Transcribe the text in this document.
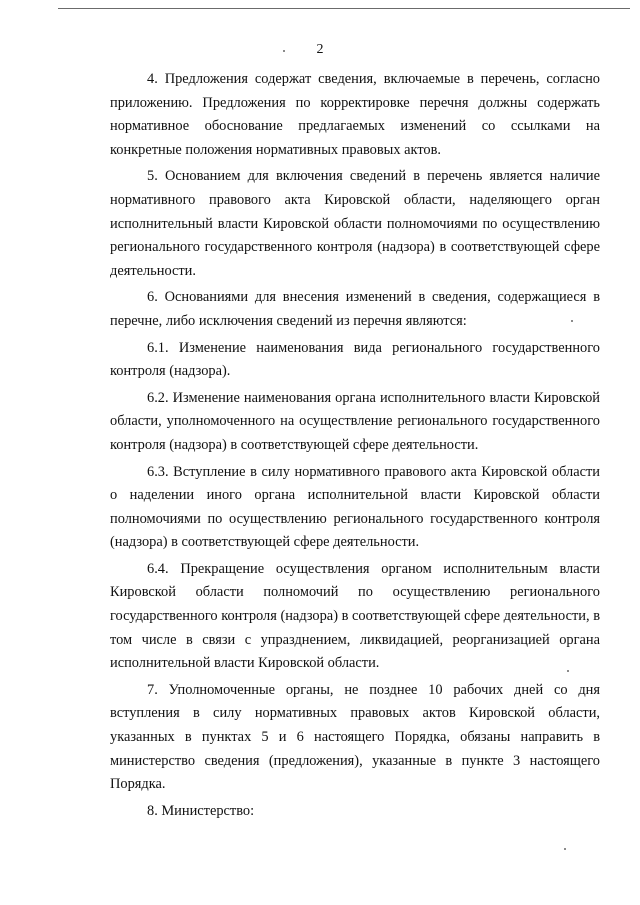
2

4. Предложения содержат сведения, включаемые в перечень, согласно приложению. Предложения по корректировке перечня должны содержать нормативное обоснование предлагаемых изменений со ссылками на конкретные положения нормативных правовых актов.

5. Основанием для включения сведений в перечень является наличие нормативного правового акта Кировской области, наделяющего орган исполнительный власти Кировской области полномочиями по осуществлению регионального государственного контроля (надзора) в соответствующей сфере деятельности.

6. Основаниями для внесения изменений в сведения, содержащиеся в перечне, либо исключения сведений из перечня являются:

6.1. Изменение наименования вида регионального государственного контроля (надзора).

6.2. Изменение наименования органа исполнительного власти Кировской области, уполномоченного на осуществление регионального государственного контроля (надзора) в соответствующей сфере деятельности.

6.3. Вступление в силу нормативного правового акта Кировской области о наделении иного органа исполнительной власти Кировской области полномочиями по осуществлению регионального государственного контроля (надзора) в соответствующей сфере деятельности.

6.4. Прекращение осуществления органом исполнительным власти Кировской области полномочий по осуществлению регионального государственного контроля (надзора) в соответствующей сфере деятельности, в том числе в связи с упразднением, ликвидацией, реорганизацией органа исполнительной власти Кировской области.

7. Уполномоченные органы, не позднее 10 рабочих дней со дня вступления в силу нормативных правовых актов Кировской области, указанных в пунктах 5 и 6 настоящего Порядка, обязаны направить в министерство сведения (предложения), указанные в пункте 3 настоящего Порядка.

8. Министерство:
